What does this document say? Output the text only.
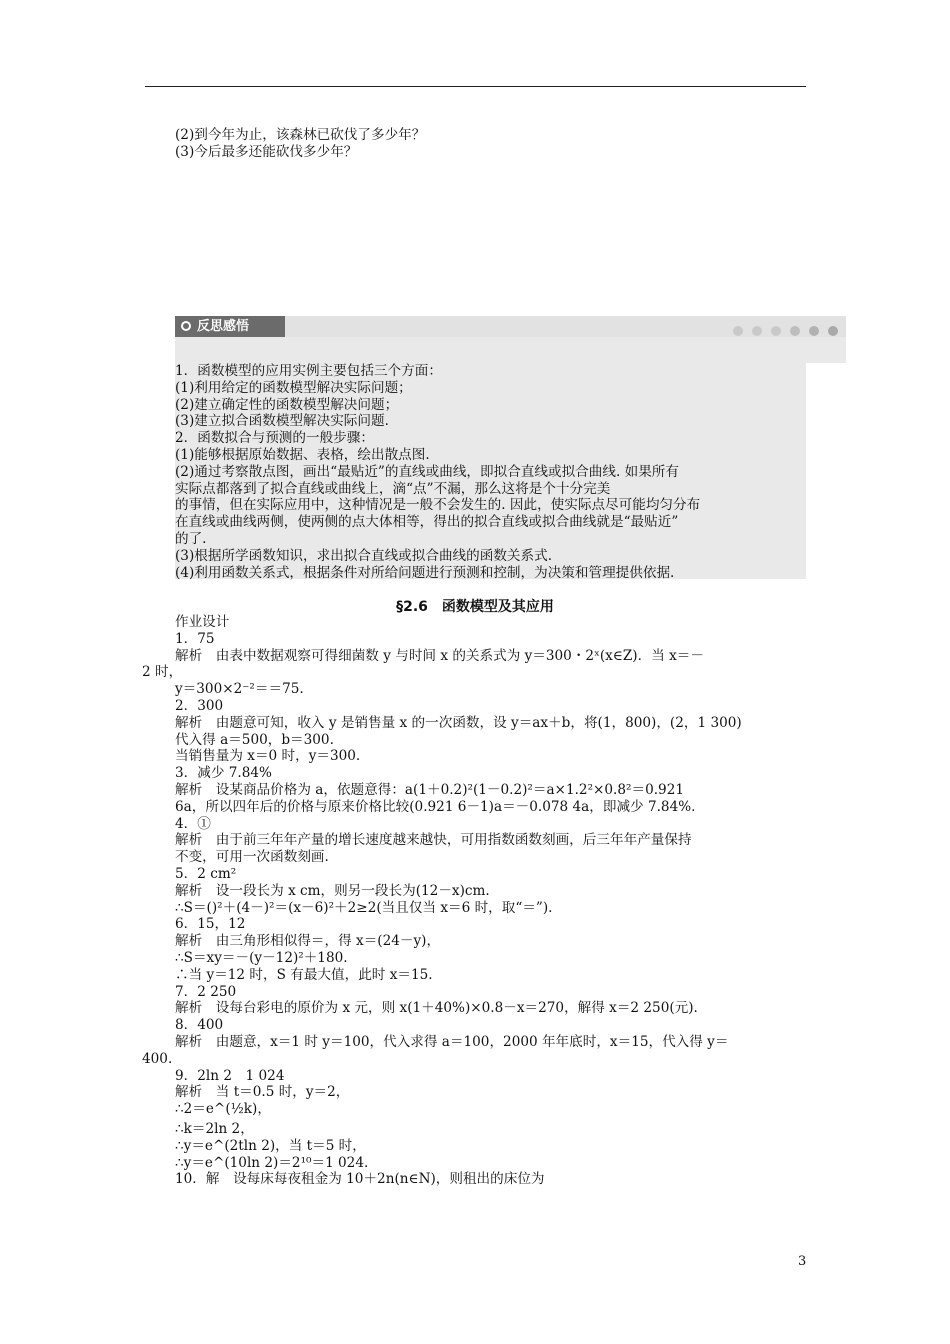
(2)到今年为止，该森林已砍伐了多少年？
(3)今后最多还能砍伐多少年？
反思感悟
1．函数模型的应用实例主要包括三个方面：
(1)利用给定的函数模型解决实际问题；
(2)建立确定性的函数模型解决问题；
(3)建立拟合函数模型解决实际问题.
2．函数拟合与预测的一般步骤：
(1)能够根据原始数据、表格，绘出散点图.
(2)通过考察散点图，画出“最贴近”的直线或曲线，即拟合直线或拟合曲线. 如果所有
实际点都落到了拟合直线或曲线上，滴“点”不漏，那么这将是个十分完美
的事情，但在实际应用中，这种情况是一般不会发生的. 因此，使实际点尽可能均匀分布
在直线或曲线两侧，使两侧的点大体相等，得出的拟合直线或拟合曲线就是“最贴近”
的了.
(3)根据所学函数知识，求出拟合直线或拟合曲线的函数关系式.
(4)利用函数关系式，根据条件对所给问题进行预测和控制，为决策和管理提供依据.
§2.6　函数模型及其应用
作业设计
1．75
解析　由表中数据观察可得细菌数 y 与时间 x 的关系式为 y＝300・2ˣ(x∈Z)．当 x＝－
2 时，
y＝300×2⁻²＝＝75.
2．300
解析　由题意可知，收入 y 是销售量 x 的一次函数，设 y＝ax＋b，将(1，800)，(2，1 300)
代入得 a＝500，b＝300.
当销售量为 x＝0 时，y＝300.
3．减少 7.84%
解析　设某商品价格为 a，依题意得：a(1＋0.2)²(1－0.2)²＝a×1.2²×0.8²＝0.921
6a，所以四年后的价格与原来价格比较(0.921 6－1)a＝－0.078 4a，即减少 7.84%.
4．①
解析　由于前三年年产量的增长速度越来越快，可用指数函数刻画，后三年年产量保持
不变，可用一次函数刻画.
5．2 cm²
解析　设一段长为 x cm，则另一段长为(12－x)cm.
∴S＝()²＋(4－)²＝(x－6)²＋2≥2(当且仅当 x＝6 时，取“＝”).
6．15，12
解析　由三角形相似得＝，得 x＝(24－y)，
∴S＝xy＝－(y－12)²＋180.
∴当 y＝12 时，S 有最大值，此时 x＝15.
7．2 250
解析　设每台彩电的原价为 x 元，则 x(1＋40%)×0.8－x＝270，解得 x＝2 250(元).
8．400
解析　由题意，x＝1 时 y＝100，代入求得 a＝100，2000 年年底时，x＝15，代入得 y＝
400.
9．2ln 2　1 024
解析　当 t＝0.5 时，y＝2，
∴2＝e^(½k)，
∴k＝2ln 2，
∴y＝e^(2tln 2)，当 t＝5 时，
∴y＝e^(10ln 2)＝2¹⁰＝1 024.
10．解　设每床每夜租金为 10＋2n(n∈N)，则租出的床位为
3
